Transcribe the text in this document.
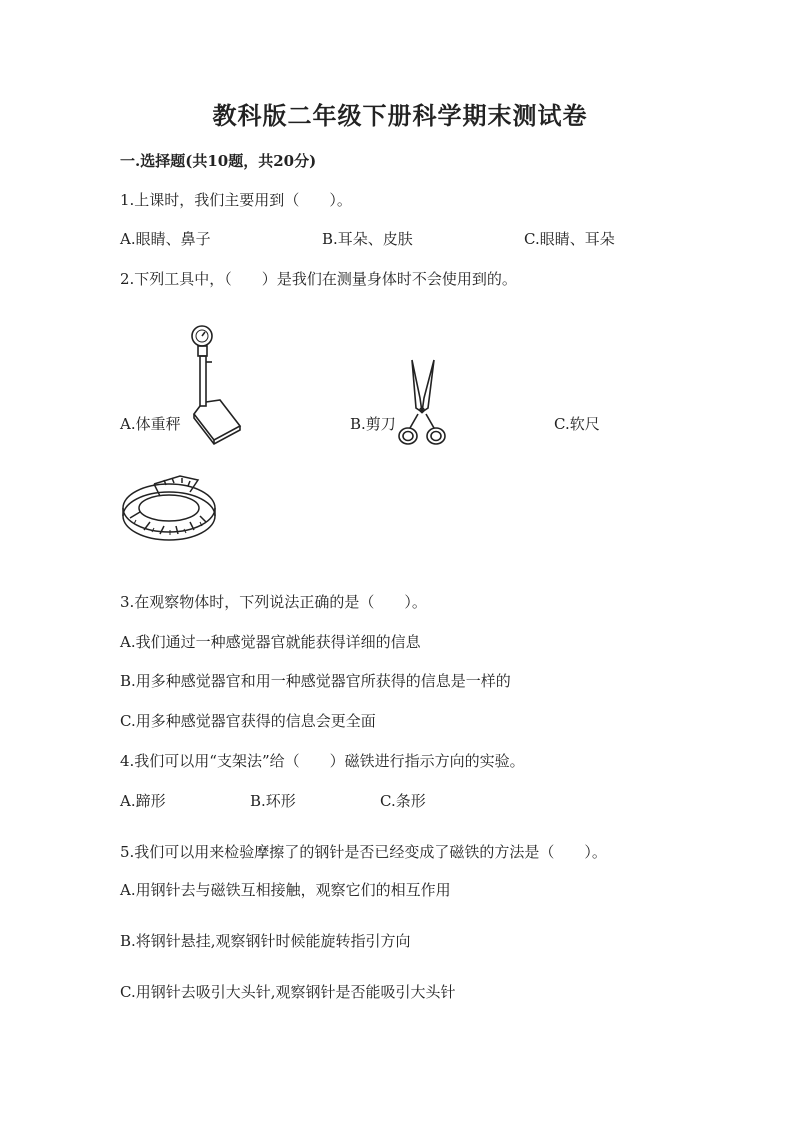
教科版二年级下册科学期末测试卷
一.选择题(共10题，共20分)
1.上课时，我们主要用到（　　）。
A.眼睛、鼻子	B.耳朵、皮肤	C.眼睛、耳朵
2.下列工具中，（　　）是我们在测量身体时不会使用到的。
A.体重秤	B.剪刀	C.软尺
3.在观察物体时，下列说法正确的是（　　）。
A.我们通过一种感觉器官就能获得详细的信息
B.用多种感觉器官和用一种感觉器官所获得的信息是一样的
C.用多种感觉器官获得的信息会更全面
4.我们可以用“支架法”给（　　）磁铁进行指示方向的实验。
A.蹄形	B.环形	C.条形
5.我们可以用来检验摩擦了的钢针是否已经变成了磁铁的方法是（　　）。
A.用钢针去与磁铁互相接触，观察它们的相互作用
B.将钢针悬挂,观察钢针时候能旋转指引方向
C.用钢针去吸引大头针,观察钢针是否能吸引大头针
